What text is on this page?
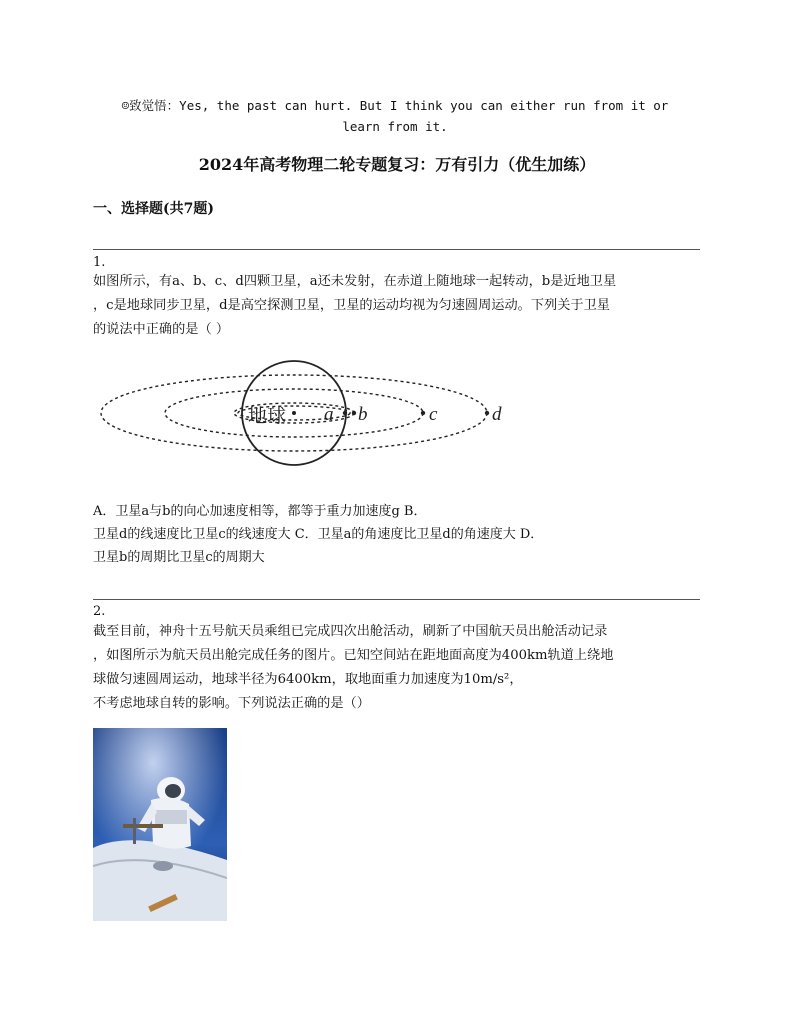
☺致觉悟：Yes, the past can hurt. But I think you can either run from it or
learn from it.
2024年高考物理二轮专题复习：万有引力（优生加练）
一、选择题(共7题)
1.

如图所示，有a、b、c、d四颗卫星，a还未发射，在赤道上随地球一起转动，b是近地卫星

，c是地球同步卫星，d是高空探测卫星，卫星的运动均视为匀速圆周运动。下列关于卫星

的说法中正确的是（ ）

地球 a b	c	d

A．卫星a与b的向心加速度相等，都等于重力加速度g B．

卫星d的线速度比卫星c的线速度大 C．卫星a的角速度比卫星d的角速度大 D．

卫星b的周期比卫星c的周期大

2.

截至目前，神舟十五号航天员乘组已完成四次出舱活动，刷新了中国航天员出舱活动记录

，如图所示为航天员出舱完成任务的图片。已知空间站在距地面高度为400km轨道上绕地

球做匀速圆周运动，地球半径为6400km，取地面重力加速度为10m/s²，

不考虑地球自转的影响。下列说法正确的是（）
